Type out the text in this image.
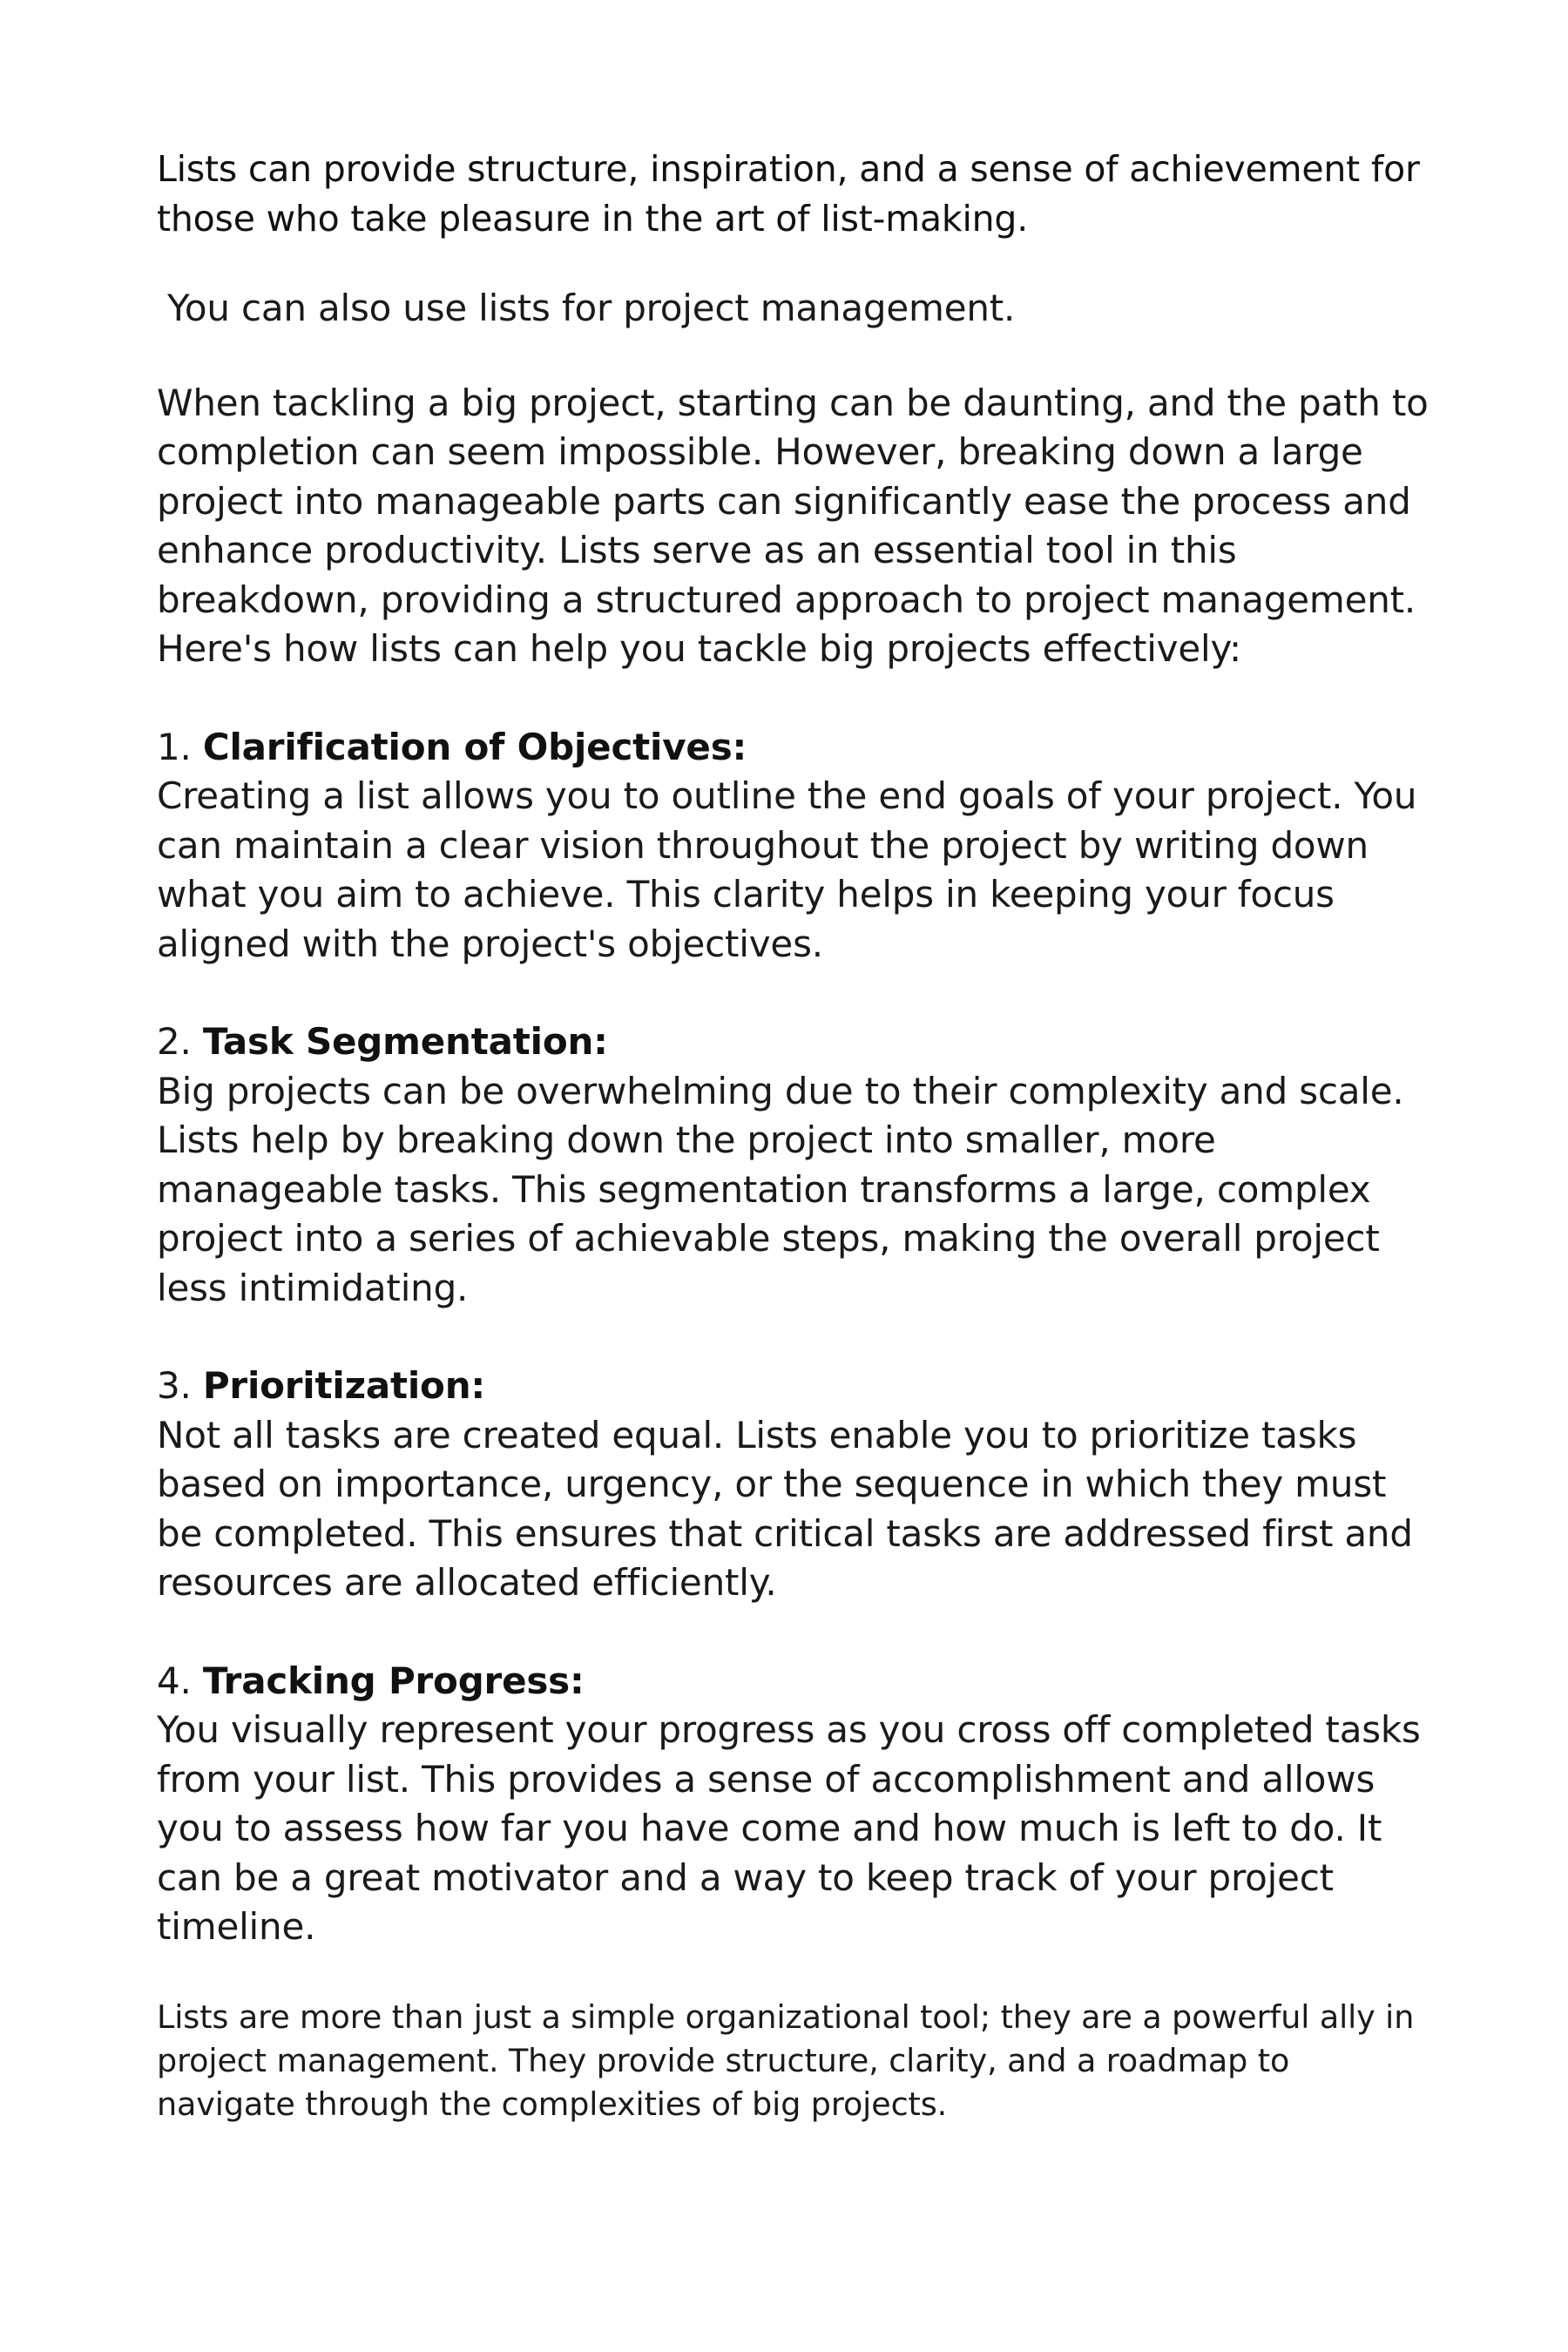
Lists can provide structure, inspiration, and a sense of achievement for those who take pleasure in the art of list-making.

You can also use lists for project management.

When tackling a big project, starting can be daunting, and the path to completion can seem impossible. However, breaking down a large project into manageable parts can significantly ease the process and enhance productivity. Lists serve as an essential tool in this breakdown, providing a structured approach to project management. Here's how lists can help you tackle big projects effectively:

1. Clarification of Objectives:
Creating a list allows you to outline the end goals of your project. You can maintain a clear vision throughout the project by writing down what you aim to achieve. This clarity helps in keeping your focus aligned with the project's objectives.

2. Task Segmentation:
Big projects can be overwhelming due to their complexity and scale. Lists help by breaking down the project into smaller, more manageable tasks. This segmentation transforms a large, complex project into a series of achievable steps, making the overall project less intimidating.

3. Prioritization:
Not all tasks are created equal. Lists enable you to prioritize tasks based on importance, urgency, or the sequence in which they must be completed. This ensures that critical tasks are addressed first and resources are allocated efficiently.

4. Tracking Progress:
You visually represent your progress as you cross off completed tasks from your list. This provides a sense of accomplishment and allows you to assess how far you have come and how much is left to do. It can be a great motivator and a way to keep track of your project timeline.

Lists are more than just a simple organizational tool; they are a powerful ally in project management. They provide structure, clarity, and a roadmap to navigate through the complexities of big projects.
